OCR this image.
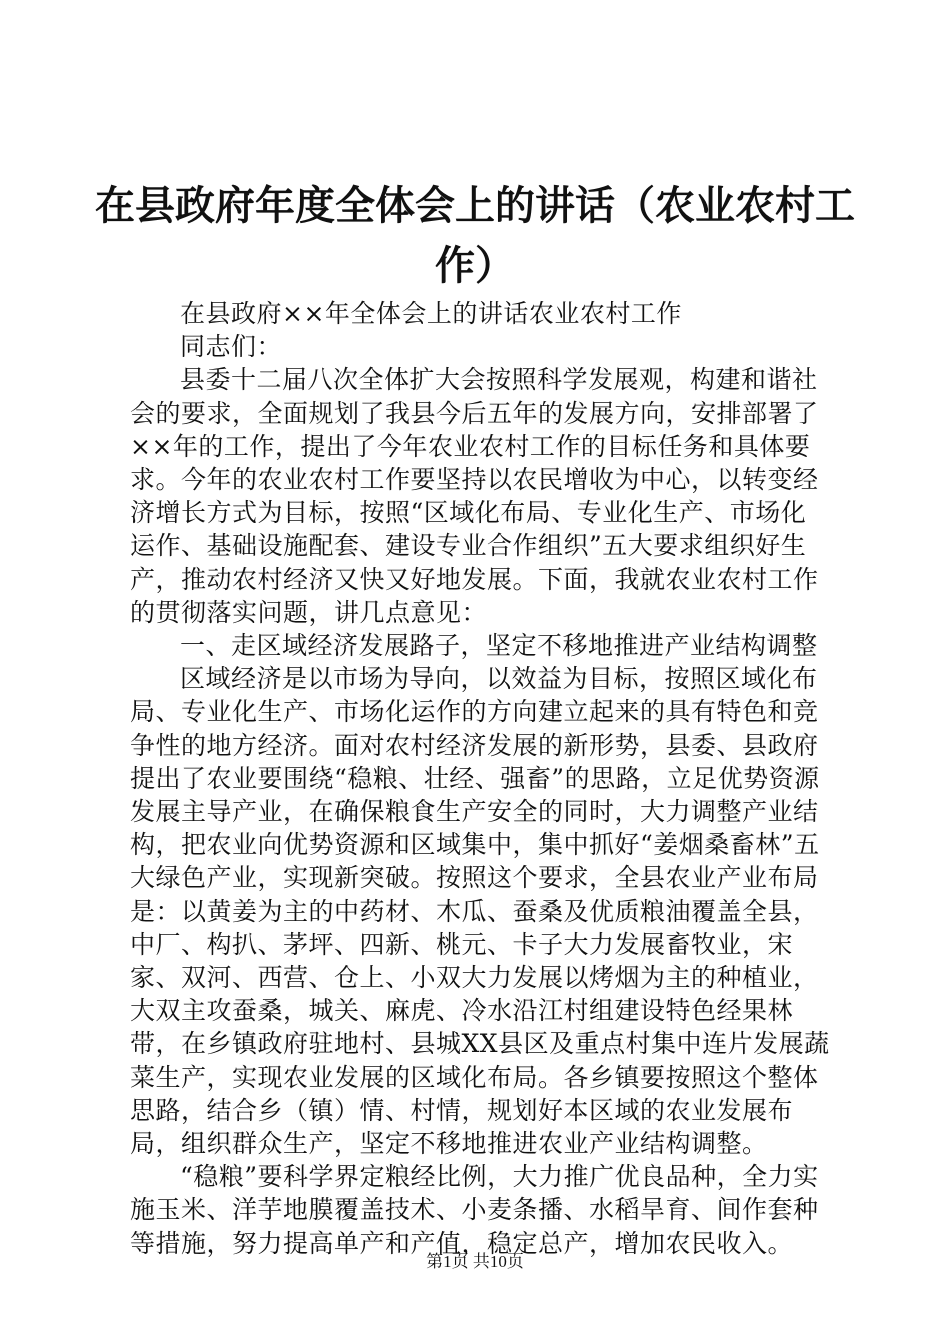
在县政府年度全体会上的讲话（农业农村工
作）

在县政府××年全体会上的讲话农业农村工作

同志们：

县委十二届八次全体扩大会按照科学发展观，构建和谐社会的要求，全面规划了我县今后五年的发展方向，安排部署了××年的工作，提出了今年农业农村工作的目标任务和具体要求。今年的农业农村工作要坚持以农民增收为中心，以转变经济增长方式为目标，按照“区域化布局、专业化生产、市场化运作、基础设施配套、建设专业合作组织”五大要求组织好生产，推动农村经济又快又好地发展。下面，我就农业农村工作的贯彻落实问题，讲几点意见：

一、走区域经济发展路子，坚定不移地推进产业结构调整

区域经济是以市场为导向，以效益为目标，按照区域化布局、专业化生产、市场化运作的方向建立起来的具有特色和竞争性的地方经济。面对农村经济发展的新形势，县委、县政府提出了农业要围绕“稳粮、壮经、强畜”的思路，立足优势资源发展主导产业，在确保粮食生产安全的同时，大力调整产业结构，把农业向优势资源和区域集中，集中抓好“姜烟桑畜林”五大绿色产业，实现新突破。按照这个要求，全县农业产业布局是：以黄姜为主的中药材、木瓜、蚕桑及优质粮油覆盖全县，中厂、构扒、茅坪、四新、桃元、卡子大力发展畜牧业，宋家、双河、西营、仓上、小双大力发展以烤烟为主的种植业，大双主攻蚕桑，城关、麻虎、冷水沿江村组建设特色经果林带，在乡镇政府驻地村、县城XX县区及重点村集中连片发展蔬菜生产，实现农业发展的区域化布局。各乡镇要按照这个整体思路，结合乡（镇）情、村情，规划好本区域的农业发展布局，组织群众生产，坚定不移地推进农业产业结构调整。

“稳粮”要科学界定粮经比例，大力推广优良品种，全力实施玉米、洋芋地膜覆盖技术、小麦条播、水稻旱育、间作套种等措施，努力提高单产和产值，稳定总产，增加农民收入。

第1页 共10页
